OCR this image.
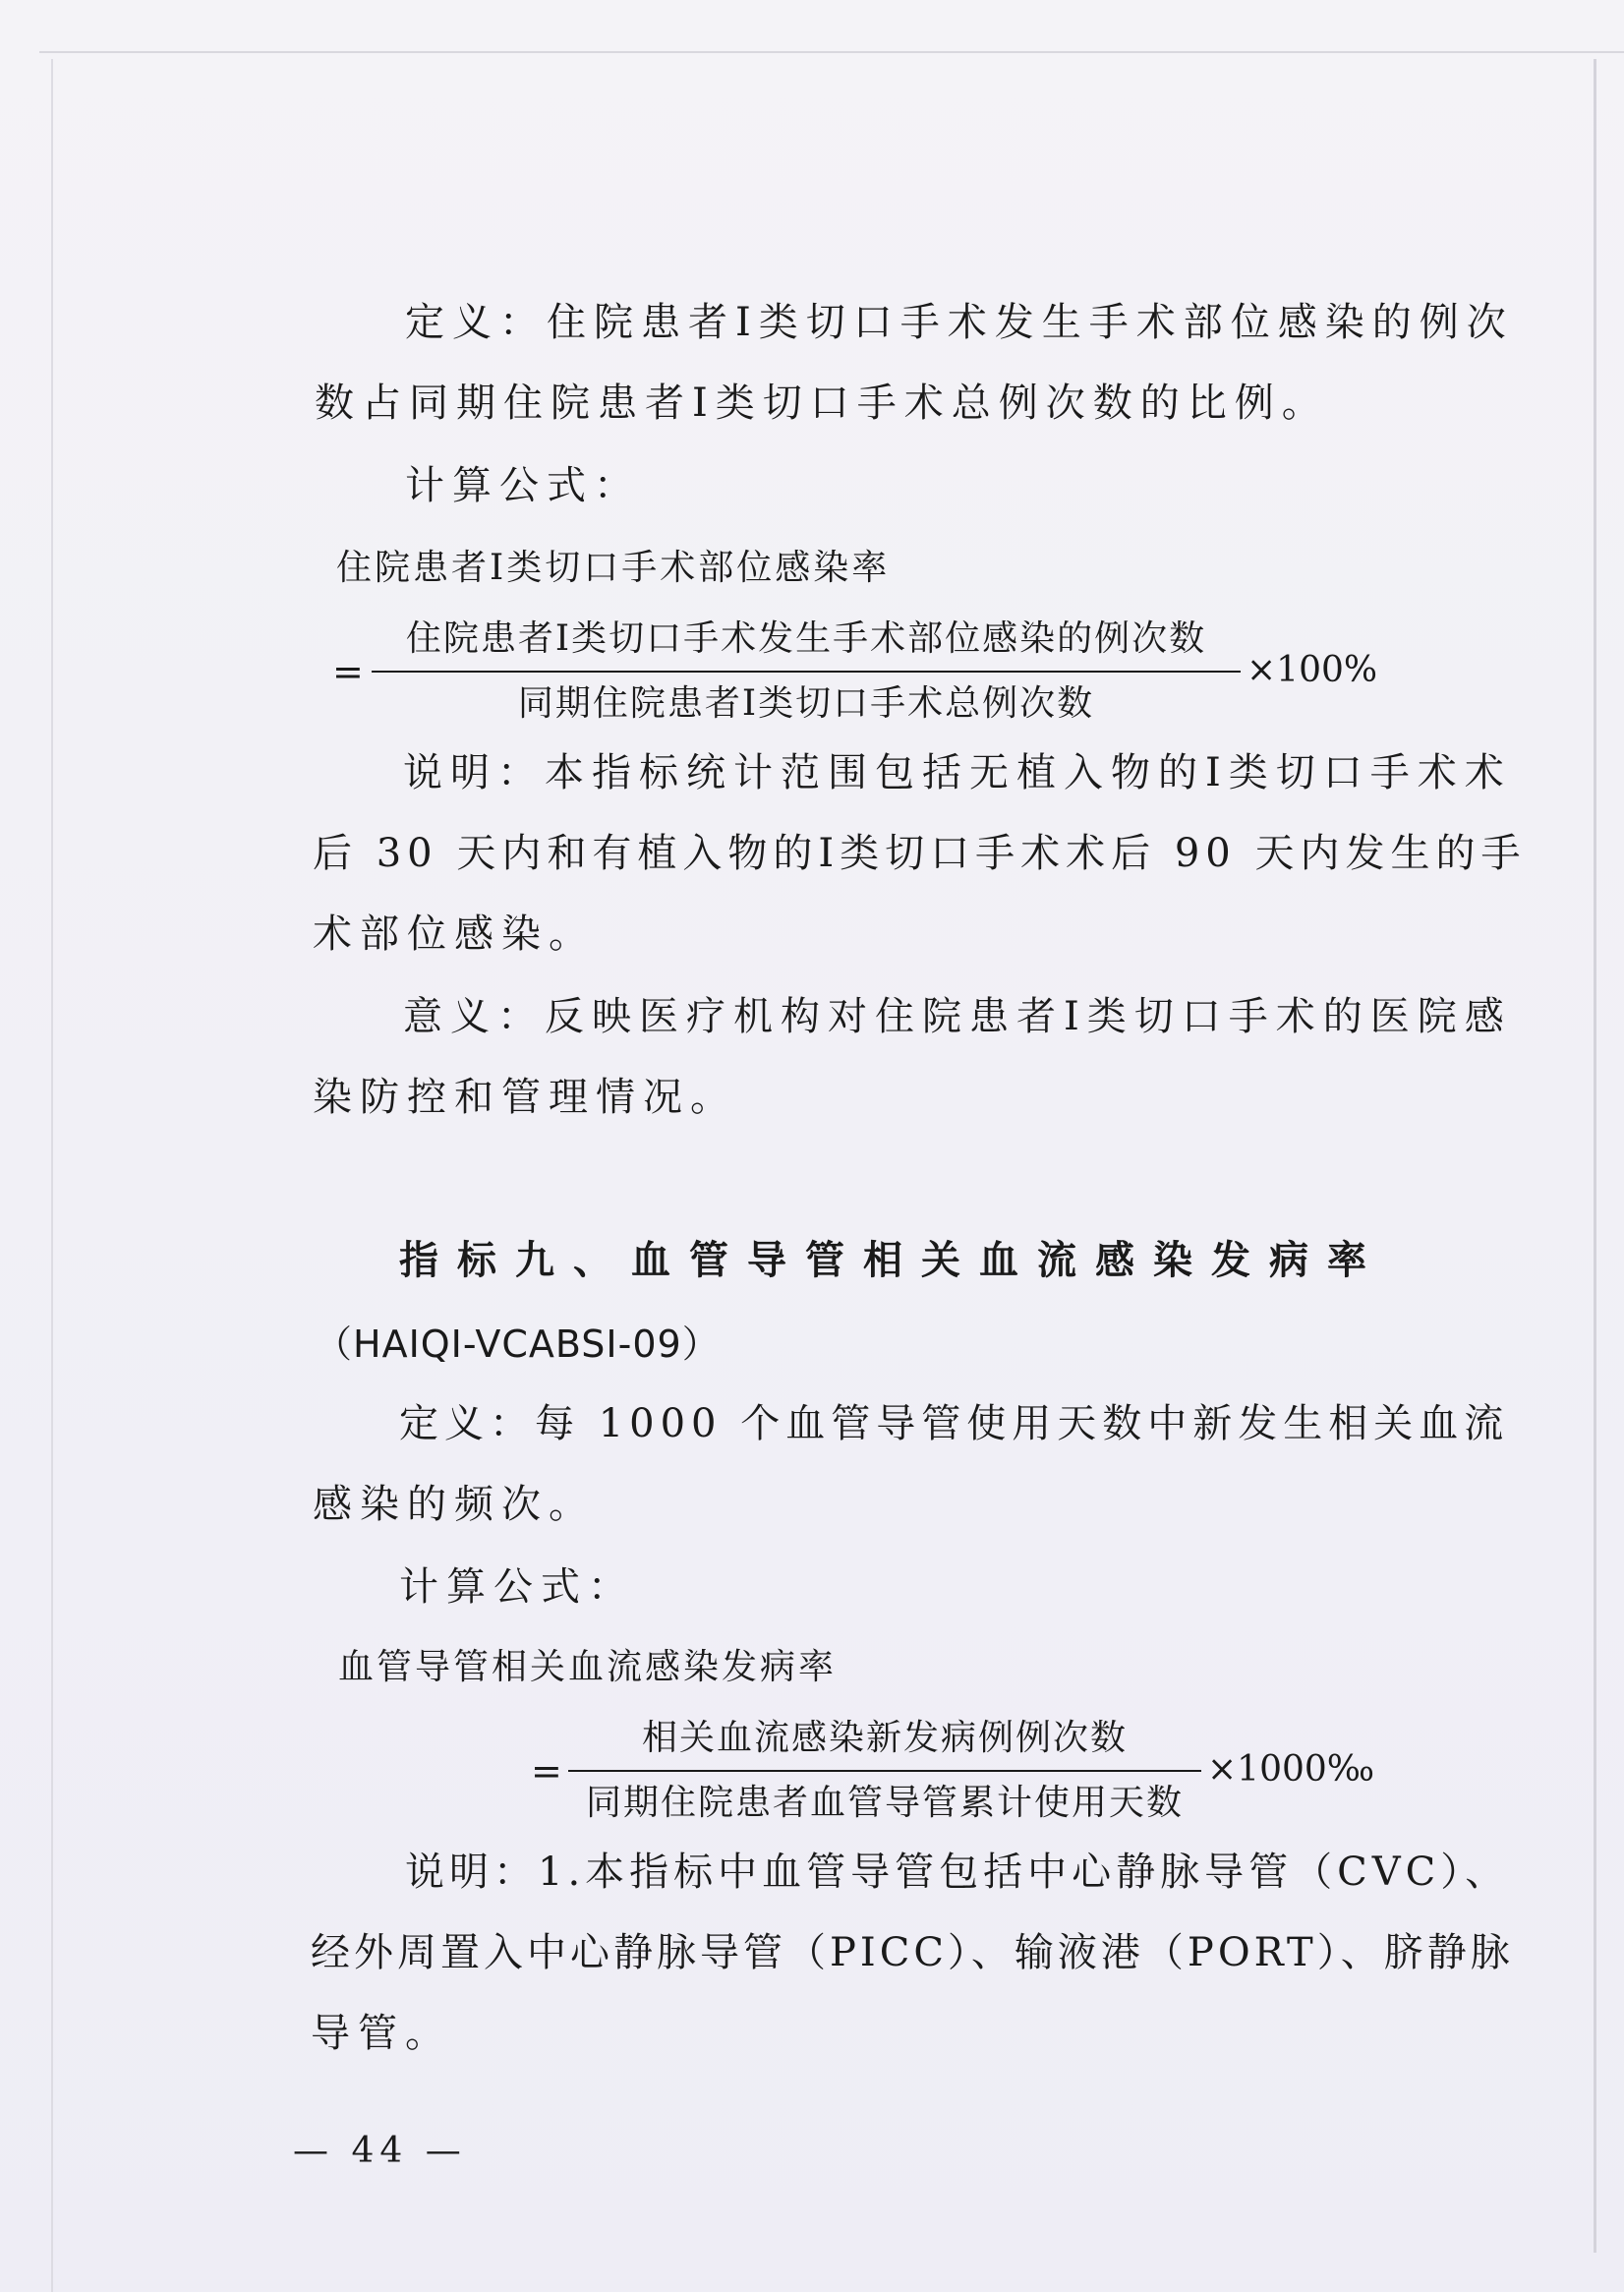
定义：住院患者Ⅰ类切口手术发生手术部位感染的例次
数占同期住院患者Ⅰ类切口手术总例次数的比例。
计算公式：
住院患者Ⅰ类切口手术部位感染率
=
住院患者Ⅰ类切口手术发生手术部位感染的例次数
同期住院患者Ⅰ类切口手术总例次数
×100%
说明：本指标统计范围包括无植入物的Ⅰ类切口手术术
后 30 天内和有植入物的Ⅰ类切口手术术后 90 天内发生的手
术部位感染。
意义：反映医疗机构对住院患者Ⅰ类切口手术的医院感
染防控和管理情况。
指标九、血管导管相关血流感染发病率
（HAIQI-VCABSI-09）
定义：每 1000 个血管导管使用天数中新发生相关血流
感染的频次。
计算公式：
血管导管相关血流感染发病率
=
相关血流感染新发病例例次数
同期住院患者血管导管累计使用天数
×1000‰
说明：1.本指标中血管导管包括中心静脉导管（CVC）、
经外周置入中心静脉导管（PICC）、输液港（PORT）、脐静脉
导管。
— 44 —
